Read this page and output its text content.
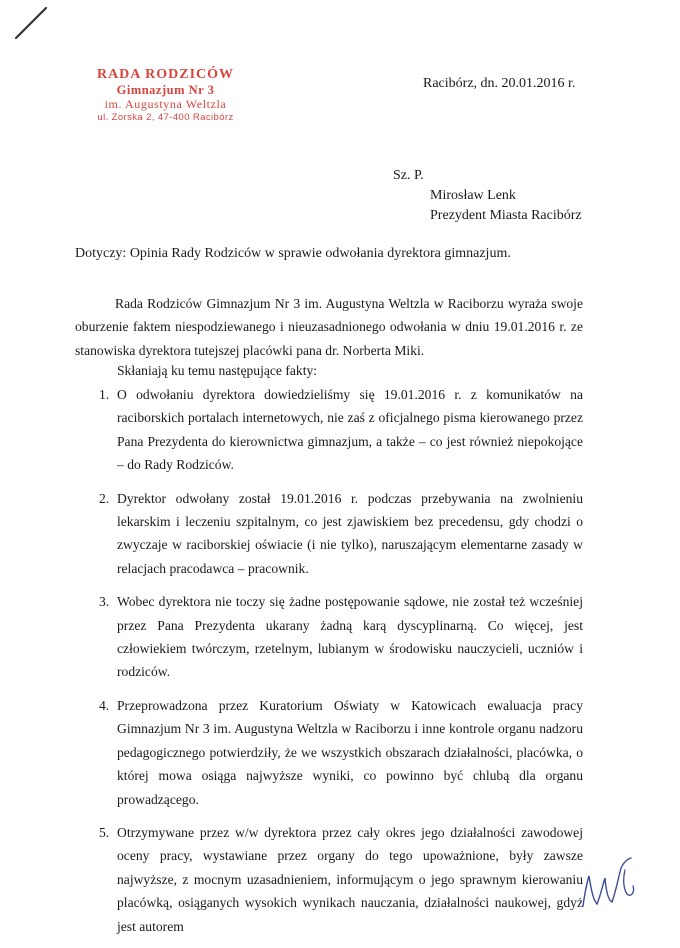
RADA RODZICÓW
Gimnazjum Nr 3
im. Augustyna Weltzla
ul. Zorska 2, 47-400 Racibórz
Racibórz, dn. 20.01.2016 r.
Sz. P.
Mirosław Lenk
Prezydent Miasta Racibórz
Dotyczy: Opinia Rady Rodziców w sprawie odwołania dyrektora gimnazjum.

Rada Rodziców Gimnazjum Nr 3 im. Augustyna Weltzla w Raciborzu wyraża swoje oburzenie faktem niespodziewanego i nieuzasadnionego odwołania w dniu 19.01.2016 r. ze stanowiska dyrektora tutejszej placówki pana dr. Norberta Miki.

Skłaniają ku temu następujące fakty:
1. O odwołaniu dyrektora dowiedzieliśmy się 19.01.2016 r. z komunikatów na raciborskich portalach internetowych, nie zaś z oficjalnego pisma kierowanego przez Pana Prezydenta do kierownictwa gimnazjum, a także – co jest również niepokojące – do Rady Rodziców.
2. Dyrektor odwołany został 19.01.2016 r. podczas przebywania na zwolnieniu lekarskim i leczeniu szpitalnym, co jest zjawiskiem bez precedensu, gdy chodzi o zwyczaje w raciborskiej oświacie (i nie tylko), naruszającym elementarne zasady w relacjach pracodawca – pracownik.
3. Wobec dyrektora nie toczy się żadne postępowanie sądowe, nie został też wcześniej przez Pana Prezydenta ukarany żadną karą dyscyplinarną. Co więcej, jest człowiekiem twórczym, rzetelnym, lubianym w środowisku nauczycieli, uczniów i rodziców.
4. Przeprowadzona przez Kuratorium Oświaty w Katowicach ewaluacja pracy Gimnazjum Nr 3 im. Augustyna Weltzla w Raciborzu i inne kontrole organu nadzoru pedagogicznego potwierdziły, że we wszystkich obszarach działalności, placówka, o której mowa osiąga najwyższe wyniki, co powinno być chlubą dla organu prowadzącego.
5. Otrzymywane przez w/w dyrektora przez cały okres jego działalności zawodowej oceny pracy, wystawiane przez organy do tego upoważnione, były zawsze najwyższe, z mocnym uzasadnieniem, informującym o jego sprawnym kierowaniu placówką, osiąganych wysokich wynikach nauczania, działalności naukowej, gdyż jest autorem
